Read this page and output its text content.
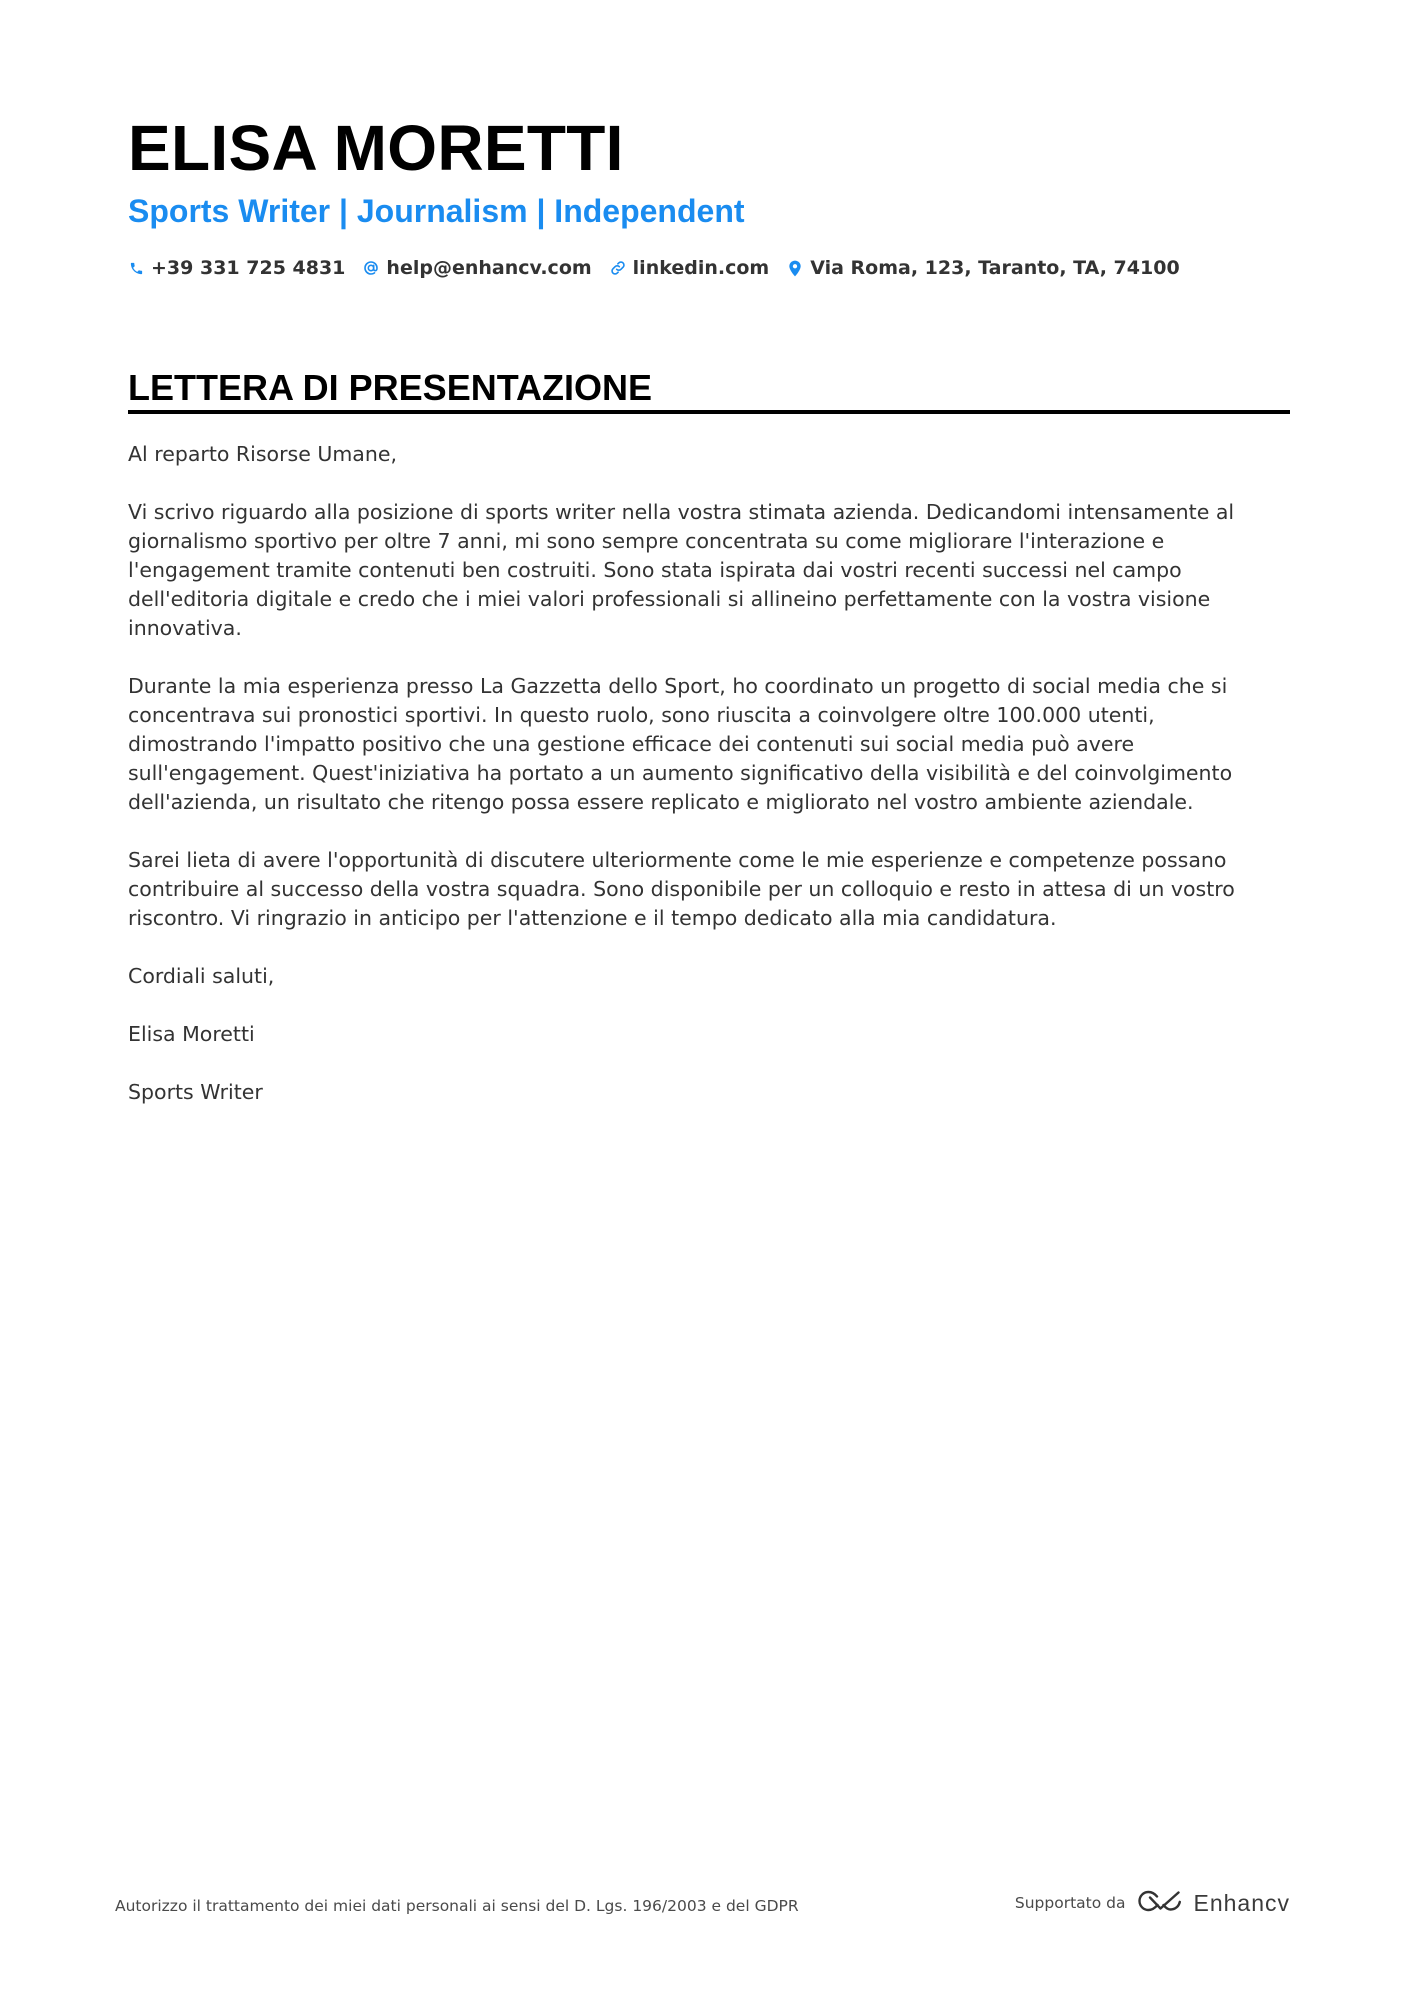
ELISA MORETTI
Sports Writer | Journalism | Independent
+39 331 725 4831 help@enhancv.com linkedin.com Via Roma, 123, Taranto, TA, 74100
LETTERA DI PRESENTAZIONE

Al reparto Risorse Umane,

Vi scrivo riguardo alla posizione di sports writer nella vostra stimata azienda. Dedicandomi intensamente al giornalismo sportivo per oltre 7 anni, mi sono sempre concentrata su come migliorare l'interazione e l'engagement tramite contenuti ben costruiti. Sono stata ispirata dai vostri recenti successi nel campo dell'editoria digitale e credo che i miei valori professionali si allineino perfettamente con la vostra visione innovativa.

Durante la mia esperienza presso La Gazzetta dello Sport, ho coordinato un progetto di social media che si concentrava sui pronostici sportivi. In questo ruolo, sono riuscita a coinvolgere oltre 100.000 utenti, dimostrando l'impatto positivo che una gestione efficace dei contenuti sui social media può avere sull'engagement. Quest'iniziativa ha portato a un aumento significativo della visibilità e del coinvolgimento dell'azienda, un risultato che ritengo possa essere replicato e migliorato nel vostro ambiente aziendale.

Sarei lieta di avere l'opportunità di discutere ulteriormente come le mie esperienze e competenze possano contribuire al successo della vostra squadra. Sono disponibile per un colloquio e resto in attesa di un vostro riscontro. Vi ringrazio in anticipo per l'attenzione e il tempo dedicato alla mia candidatura.

Cordiali saluti,

Elisa Moretti

Sports Writer

Autorizzo il trattamento dei miei dati personali ai sensi del D. Lgs. 196/2003 e del GDPR	Supportato da	Enhancv
